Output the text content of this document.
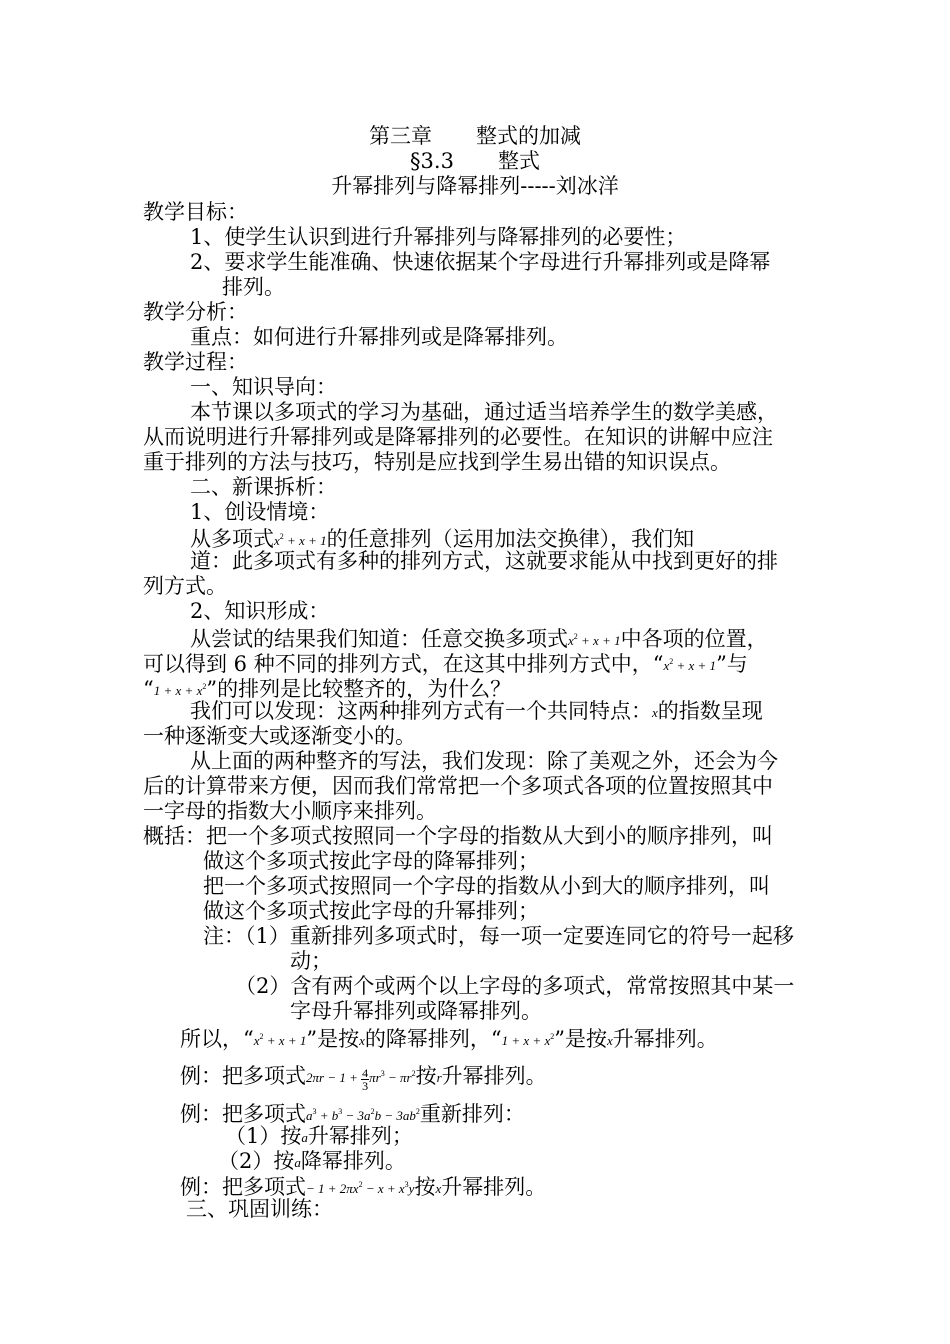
第三章 整式的加减
§3.3 整式
升幂排列与降幂排列-----刘冰洋
教学目标：
1、使学生认识到进行升幂排列与降幂排列的必要性；
2、要求学生能准确、快速依据某个字母进行升幂排列或是降幂
排列。
教学分析：
重点：如何进行升幂排列或是降幂排列。
教学过程：
一、知识导向：
本节课以多项式的学习为基础，通过适当培养学生的数学美感，
从而说明进行升幂排列或是降幂排列的必要性。在知识的讲解中应注
重于排列的方法与技巧，特别是应找到学生易出错的知识误点。
二、新课拆析：
1、创设情境：
从多项式$x^2 + x + 1$的任意排列（运用加法交换律），我们知
道：此多项式有多种的排列方式，这就要求能从中找到更好的排
列方式。
2、知识形成：
从尝试的结果我们知道：任意交换多项式$x^2 + x + 1$中各项的位置，
可以得到 6 种不同的排列方式，在这其中排列方式中，“$x^2 + x + 1$”与
“$1 + x + x^2$”的排列是比较整齐的，为什么？
我们可以发现：这两种排列方式有一个共同特点：x的指数呈现
一种逐渐变大或逐渐变小的。
从上面的两种整齐的写法，我们发现：除了美观之外，还会为今
后的计算带来方便，因而我们常常把一个多项式各项的位置按照其中
一字母的指数大小顺序来排列。
概括：把一个多项式按照同一个字母的指数从大到小的顺序排列，叫
做这个多项式按此字母的降幂排列；
把一个多项式按照同一个字母的指数从小到大的顺序排列，叫
做这个多项式按此字母的升幂排列；
注：（1）重新排列多项式时，每一项一定要连同它的符号一起移
动；
（2）含有两个或两个以上字母的多项式，常常按照其中某一
字母升幂排列或降幂排列。
所以，“$x^2 + x + 1$”是按x的降幂排列，“$1 + x + x^2$”是按x升幂排列。
例：把多项式$2\pi r - 1 + \frac{4}{3} \pi r^3 - \pi r^2$按r升幂排列。
例：把多项式$a^3 + b^3 - 3a^2b - 3ab^2$重新排列：
（1）按a升幂排列；
（2）按a降幂排列。
例：把多项式− $1 + 2\pi x^2 - x + x^3y$按x升幂排列。
三、巩固训练：
